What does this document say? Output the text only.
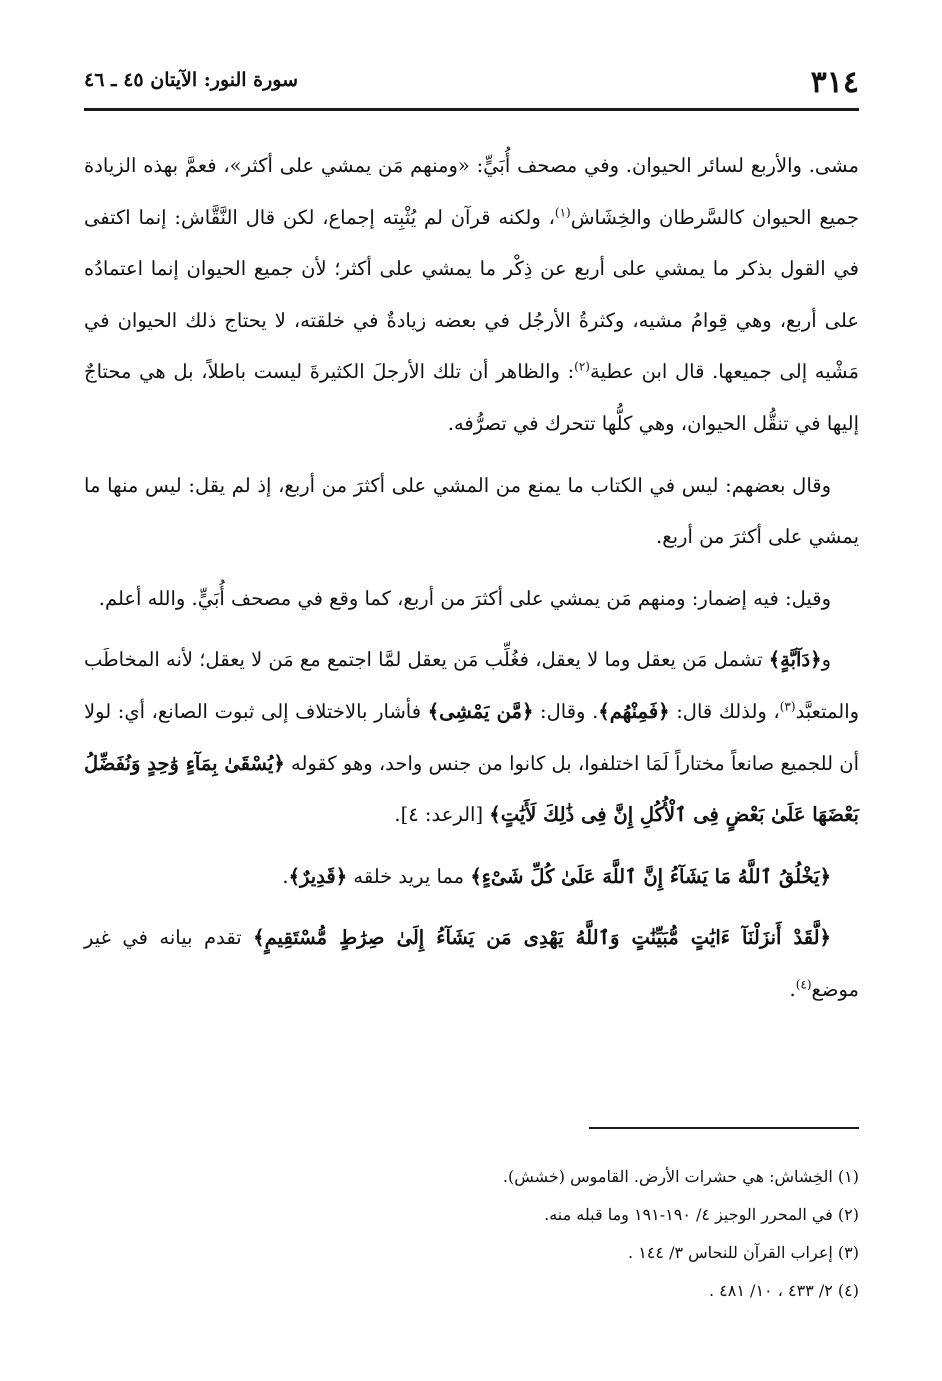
٣١٤
سورة النور: الآيتان ٤٥ ـ ٤٦

مشى. والأربع لسائر الحيوان. وفي مصحف أُبَيٍّ: «ومنهم مَن يمشي على أكثر»، فعمَّ بهذه الزيادة جميع الحيوان كالسَّرطان والخِشَاش$^{(١)}$، ولكنه قرآن لم يُثْبِته إجماع، لكن قال النَّقَّاش: إنما اكتفى في القول بذكر ما يمشي على أربع عن ذِكْر ما يمشي على أكثر؛ لأن جميع الحيوان إنما اعتمادُه على أربع، وهي قِوامُ مشيه، وكثرةُ الأرجُل في بعضه زيادةٌ في خلقته، لا يحتاج ذلك الحيوان في مَشْيه إلى جميعها. قال ابن عطية$^{(٢)}$: والظاهر أن تلك الأرجلَ الكثيرةَ ليست باطلاً، بل هي محتاجٌ إليها في تنقُّل الحيوان، وهي كلُّها تتحرك في تصرُّفه.

وقال بعضهم: ليس في الكتاب ما يمنع من المشي على أكثرَ من أربع، إذ لم يقل: ليس منها ما يمشي على أكثرَ من أربع.

وقيل: فيه إضمار: ومنهم مَن يمشي على أكثرَ من أربع، كما وقع في مصحف أُبَيٍّ. والله أعلم.

و﴿دَآبَّةٍ﴾ تشمل مَن يعقل وما لا يعقل، فغُلِّب مَن يعقل لمَّا اجتمع مع مَن لا يعقل؛ لأنه المخاطَب والمتعبَّد$^{(٣)}$، ولذلك قال: ﴿فَمِنْهُم﴾. وقال: ﴿مَّن يَمْشِى﴾ فأشار بالاختلاف إلى ثبوت الصانع، أي: لولا أن للجميع صانعاً مختاراً لَمَا اختلفوا، بل كانوا من جنس واحد، وهو كقوله ﴿يُسْقَىٰ بِمَآءٍ وَٰحِدٍ وَنُفَضِّلُ بَعْضَهَا عَلَىٰ بَعْضٍ فِى ٱلْأُكُلِ إِنَّ فِى ذَٰلِكَ لَأَيَٰتٍ﴾ [الرعد: ٤].

﴿يَخْلُقُ ٱللَّهُ مَا يَشَآءُ إِنَّ ٱللَّهَ عَلَىٰ كُلِّ شَىْءٍ﴾ مما يريد خلقه ﴿قَدِيرٌ﴾.

﴿لَّقَدْ أَنزَلْنَآ ءَايَٰتٍ مُّبَيِّنَٰتٍ وَٱللَّهُ يَهْدِى مَن يَشَآءُ إِلَىٰ صِرَٰطٍ مُّسْتَقِيمٍ﴾ تقدم بيانه في غير موضع$^{(٤)}$.

(١) الخِشاش: هي حشرات الأرض. القاموس (خشش).
(٢) في المحرر الوجيز ٤/ ١٩٠-١٩١ وما قبله منه.
(٣) إعراب القرآن للنحاس ٣/ ١٤٤ .
(٤) ٢/ ٤٣٣ ، ١٠/ ٤٨١ .
